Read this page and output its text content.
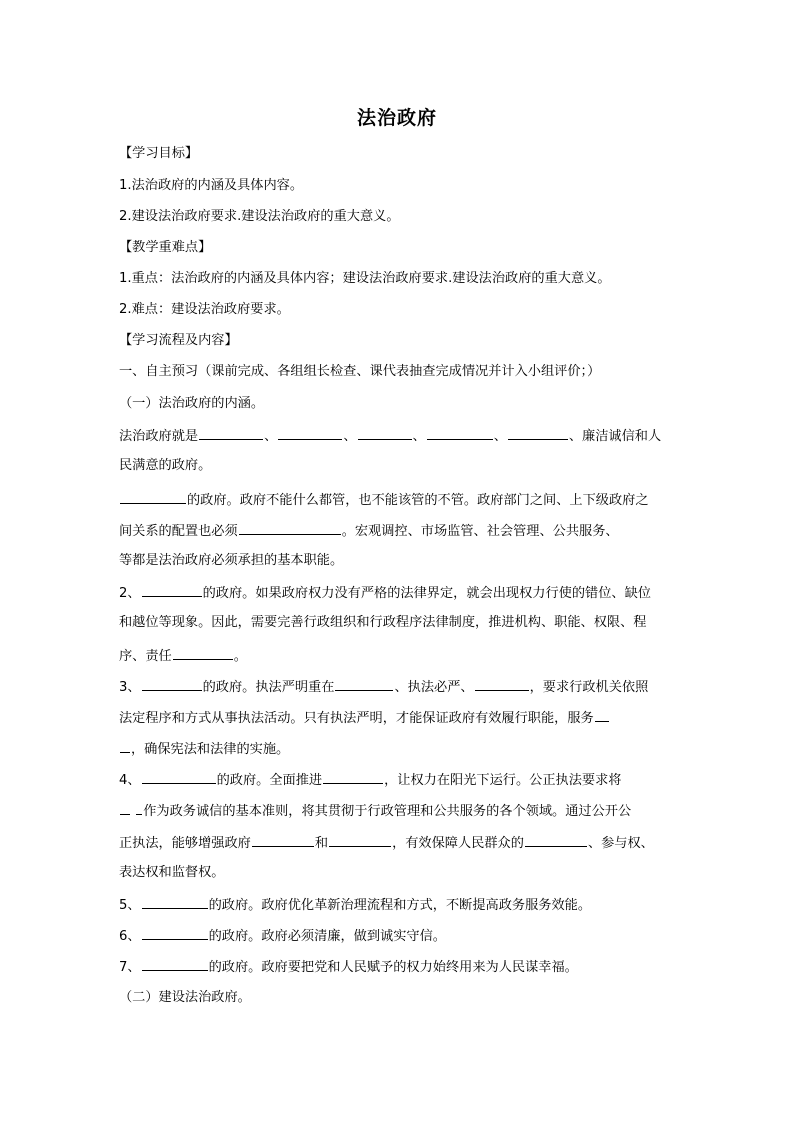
法治政府
【学习目标】
1.法治政府的内涵及具体内容。
2.建设法治政府要求.建设法治政府的重大意义。
【教学重难点】
1.重点：法治政府的内涵及具体内容；建设法治政府要求.建设法治政府的重大意义。
2.难点：建设法治政府要求。
【学习流程及内容】
一、自主预习（课前完成、各组组长检查、课代表抽查完成情况并计入小组评价；）
（一）法治政府的内涵。
法治政府就是	、	、	、	、	、廉洁诚信和人
民满意的政府。
的政府。政府不能什么都管，也不能该管的不管。政府部门之间、上下级政府之
间关系的配置也必须	。宏观调控、市场监管、社会管理、公共服务、
等都是法治政府必须承担的基本职能。
2、	的政府。如果政府权力没有严格的法律界定，就会出现权力行使的错位、缺位
和越位等现象。因此，需要完善行政组织和行政程序法律制度，推进机构、职能、权限、程
序、责任	。
3、	的政府。执法严明重在	、执法必严、	，要求行政机关依照
法定程序和方式从事执法活动。只有执法严明，才能保证政府有效履行职能，服务
，确保宪法和法律的实施。
4、	的政府。全面推进	，让权力在阳光下运行。公正执法要求将
作为政务诚信的基本准则，将其贯彻于行政管理和公共服务的各个领域。通过公开公
正执法，能够增强政府	和	，有效保障人民群众的	、参与权、
表达权和监督权。
5、	的政府。政府优化革新治理流程和方式，不断提高政务服务效能。
6、	的政府。政府必须清廉，做到诚实守信。
7、	的政府。政府要把党和人民赋予的权力始终用来为人民谋幸福。
（二）建设法治政府。
